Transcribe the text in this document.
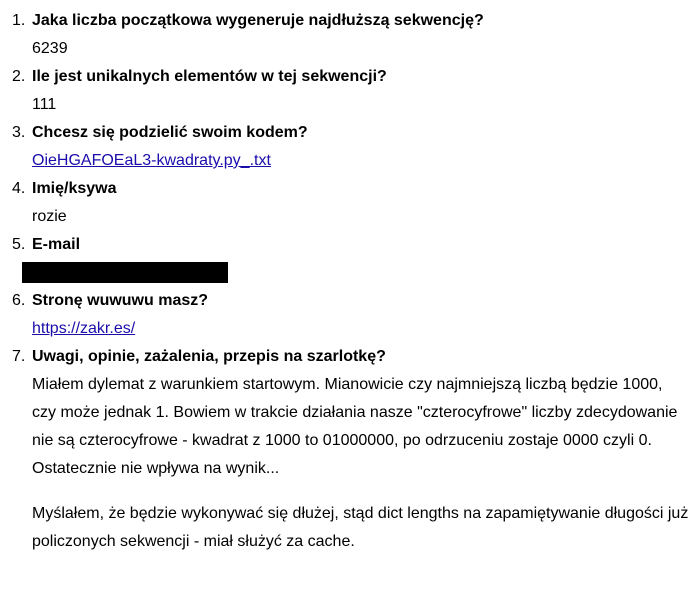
1. Jaka liczba początkowa wygeneruje najdłuższą sekwencję?
6239
2. Ile jest unikalnych elementów w tej sekwencji?
111
3. Chcesz się podzielić swoim kodem?
OieHGAFOEaL3-kwadraty.py_.txt
4. Imię/ksywa
rozie
5. E-mail
6. Stronę wuwuwu masz?
https://zakr.es/
7. Uwagi, opinie, zażalenia, przepis na szarlotkę?

Miałem dylemat z warunkiem startowym. Mianowicie czy najmniejszą liczbą będzie 1000, czy może jednak 1. Bowiem w trakcie działania nasze "czterocyfrowe" liczby zdecydowanie nie są czterocyfrowe - kwadrat z 1000 to 01000000, po odrzuceniu zostaje 0000 czyli 0. Ostatecznie nie wpływa na wynik...

Myślałem, że będzie wykonywać się dłużej, stąd dict lengths na zapamiętywanie długości już policzonych sekwencji - miał służyć za cache.
